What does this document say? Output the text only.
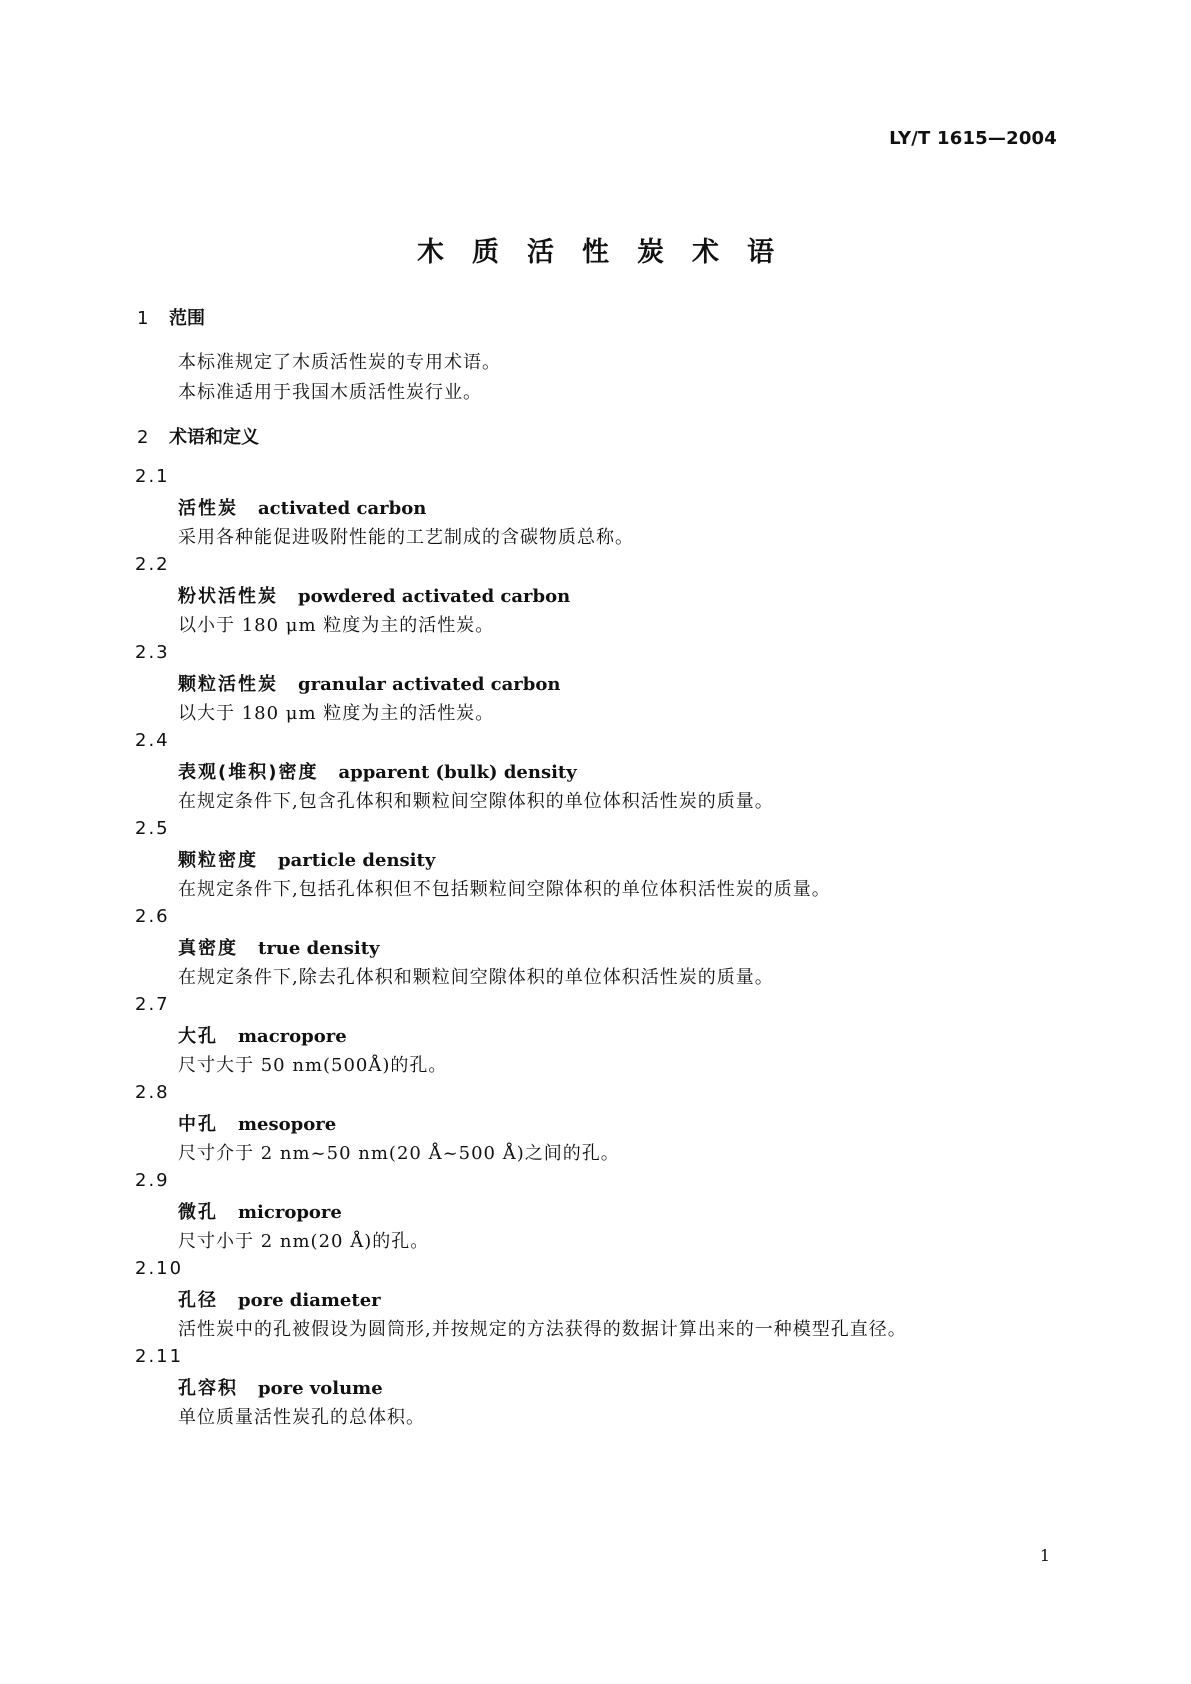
LY/T 1615—2004
木质活性炭术语
1 范围
本标准规定了木质活性炭的专用术语。
本标准适用于我国木质活性炭行业。
2 术语和定义
2.1
活性炭 activated carbon
采用各种能促进吸附性能的工艺制成的含碳物质总称。
2.2
粉状活性炭 powdered activated carbon
以小于 180 μm 粒度为主的活性炭。
2.3
颗粒活性炭 granular activated carbon
以大于 180 μm 粒度为主的活性炭。
2.4
表观(堆积)密度 apparent (bulk) density
在规定条件下,包含孔体积和颗粒间空隙体积的单位体积活性炭的质量。
2.5
颗粒密度 particle density
在规定条件下,包括孔体积但不包括颗粒间空隙体积的单位体积活性炭的质量。
2.6
真密度 true density
在规定条件下,除去孔体积和颗粒间空隙体积的单位体积活性炭的质量。
2.7
大孔 macropore
尺寸大于 50 nm(500Å)的孔。
2.8
中孔 mesopore
尺寸介于 2 nm~50 nm(20 Å~500 Å)之间的孔。
2.9
微孔 micropore
尺寸小于 2 nm(20 Å)的孔。
2.10
孔径 pore diameter
活性炭中的孔被假设为圆筒形,并按规定的方法获得的数据计算出来的一种模型孔直径。
2.11
孔容积 pore volume
单位质量活性炭孔的总体积。
1
